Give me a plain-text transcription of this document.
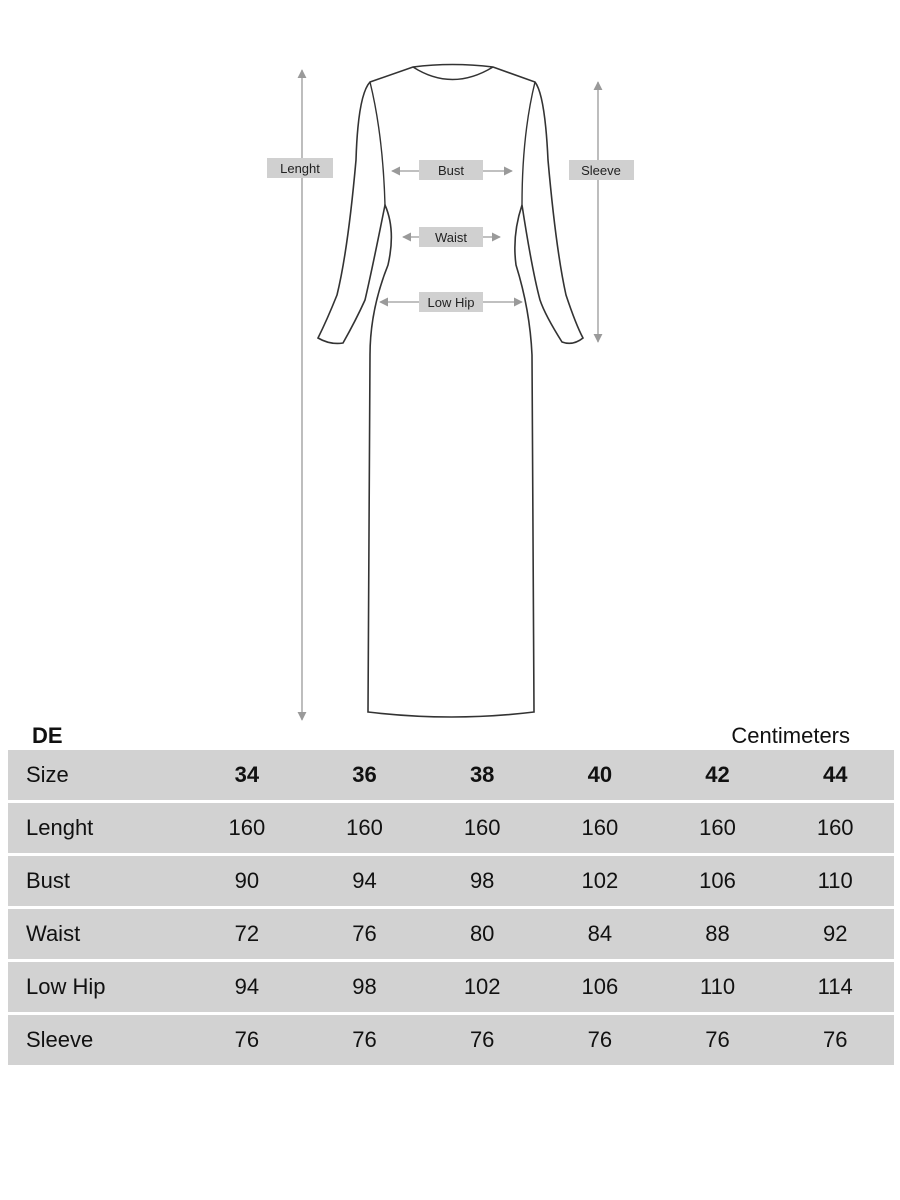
Lenght	Sleeve
Bust
Waist
Low Hip
DE	Centimeters
Size	34	36	38	40	42	44
Lenght	160	160	160	160	160	160
Bust	90	94	98	102	106	110
Waist	72	76	80	84	88	92
Low Hip	94	98	102	106	110	114
Sleeve	76	76	76	76	76	76
